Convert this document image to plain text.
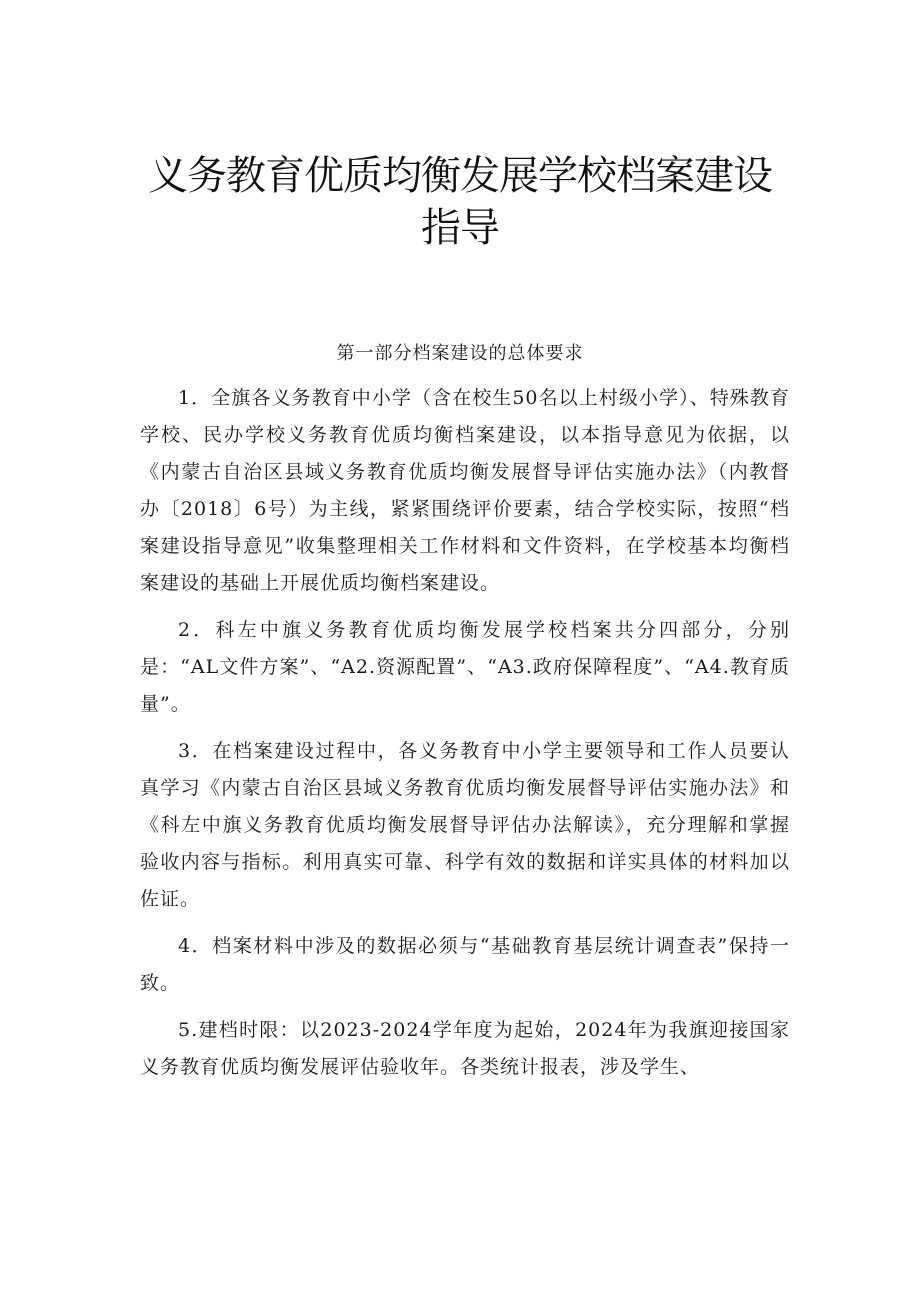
义务教育优质均衡发展学校档案建设指导
第一部分档案建设的总体要求

1．全旗各义务教育中小学（含在校生50名以上村级小学）、特殊教育学校、民办学校义务教育优质均衡档案建设，以本指导意见为依据，以《内蒙古自治区县域义务教育优质均衡发展督导评估实施办法》（内教督办〔2018〕6号）为主线，紧紧围绕评价要素，结合学校实际，按照“档案建设指导意见”收集整理相关工作材料和文件资料，在学校基本均衡档案建设的基础上开展优质均衡档案建设。

2．科左中旗义务教育优质均衡发展学校档案共分四部分，分别是：“AL文件方案”、“A2.资源配置”、“A3.政府保障程度”、“A4.教育质量”。

3．在档案建设过程中，各义务教育中小学主要领导和工作人员要认真学习《内蒙古自治区县域义务教育优质均衡发展督导评估实施办法》和《科左中旗义务教育优质均衡发展督导评估办法解读》，充分理解和掌握验收内容与指标。利用真实可靠、科学有效的数据和详实具体的材料加以佐证。

4．档案材料中涉及的数据必须与“基础教育基层统计调查表”保持一致。

5.建档时限：以2023-2024学年度为起始，2024年为我旗迎接国家义务教育优质均衡发展评估验收年。各类统计报表，涉及学生、
